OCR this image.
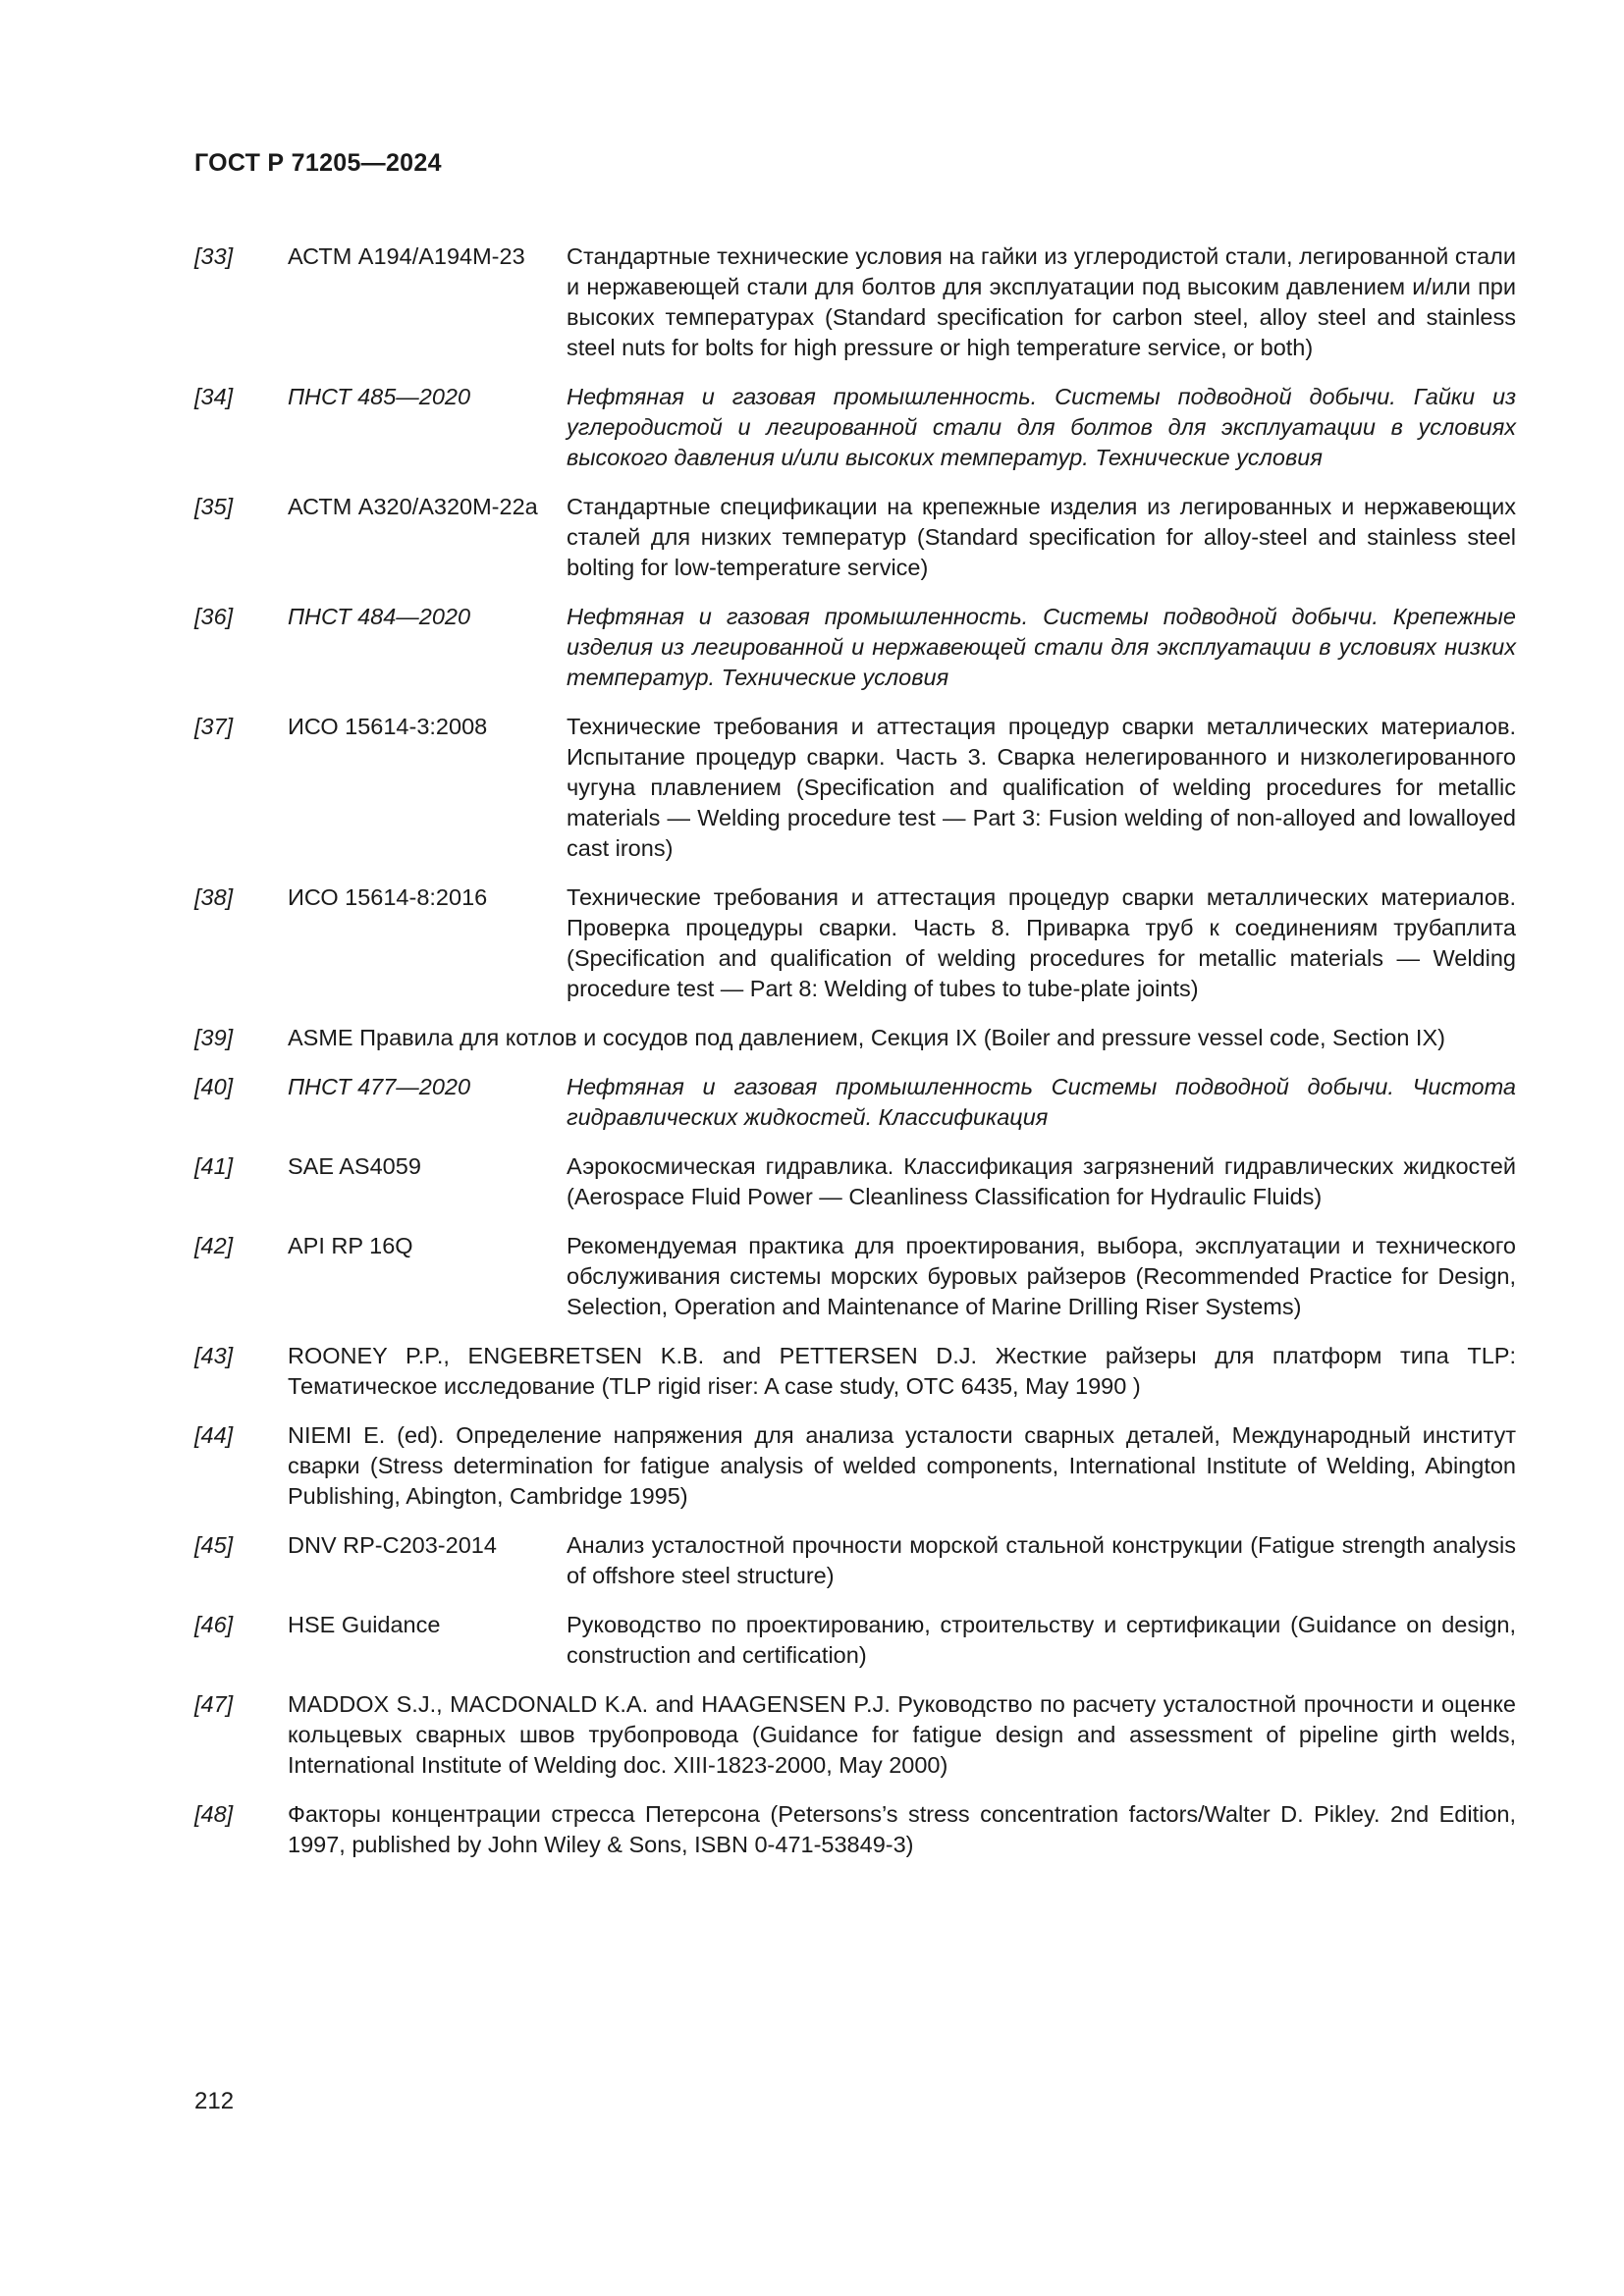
ГОСТ Р 71205—2024
[33] АСТМ A194/A194M-23 Стандартные технические условия на гайки из углеродистой стали, легированной стали и нержавеющей стали для болтов для эксплуатации под высоким давлением и/или при высоких температурах (Standard specification for carbon steel, alloy steel and stainless steel nuts for bolts for high pressure or high temperature service, or both)
[34] ПНСТ 485—2020	Нефтяная и газовая промышленность. Системы подводной добычи. Гайки из углеродистой и легированной стали для болтов для эксплуатации в условиях высокого давления и/или высоких температур. Технические условия
[35] АСТМ A320/A320M-22a Стандартные спецификации на крепежные изделия из легированных и нержавеющих сталей для низких температур (Standard specification for alloy-steel and stainless steel bolting for low-temperature service)
[36] ПНСТ 484—2020	Нефтяная и газовая промышленность. Системы подводной добычи. Крепежные изделия из легированной и нержавеющей стали для эксплуатации в условиях низких температур. Технические условия
[37] ИСО 15614-3:2008	Технические требования и аттестация процедур сварки металлических материалов. Испытание процедур сварки. Часть 3. Сварка нелегированного и низколегированного чугуна плавлением (Specification and qualification of welding procedures for metallic materials — Welding procedure test — Part 3: Fusion welding of non-alloyed and lowalloyed cast irons)
[38] ИСО 15614-8:2016	Технические требования и аттестация процедур сварки металлических материалов. Проверка процедуры сварки. Часть 8. Приварка труб к соединениям трубаплита (Specification and qualification of welding procedures for metallic materials — Welding procedure test — Part 8: Welding of tubes to tube-plate joints)
[39] ASME Правила для котлов и сосудов под давлением, Секция IX (Boiler and pressure vessel code, Section IX)
[40] ПНСТ 477—2020	Нефтяная и газовая промышленность Системы подводной добычи. Чистота гидравлических жидкостей. Классификация
[41] SAE AS4059	Аэрокосмическая гидравлика. Классификация загрязнений гидравлических жидкостей (Aerospace Fluid Power — Cleanliness Classification for Hydraulic Fluids)
[42] API RP 16Q	Рекомендуемая практика для проектирования, выбора, эксплуатации и технического обслуживания системы морских буровых райзеров (Recommended Practice for Design, Selection, Operation and Maintenance of Marine Drilling Riser Systems)
[43] ROONEY P.P., ENGEBRETSEN K.B. and PETTERSEN D.J. Жесткие райзеры для платформ типа TLP: Тематическое исследование (TLP rigid riser: A case study, OTC 6435, May 1990 )
[44] NIEMI E. (ed). Определение напряжения для анализа усталости сварных деталей, Международный институт сварки (Stress determination for fatigue analysis of welded components, International Institute of Welding, Abington Publishing, Abington, Cambridge 1995)
[45] DNV RP-C203-2014	Анализ усталостной прочности морской стальной конструкции (Fatigue strength analysis of offshore steel structure)
[46] HSE Guidance	Руководство по проектированию, строительству и сертификации (Guidance on design, construction and certification)
[47] MADDOX S.J., MACDONALD K.A. and HAAGENSEN P.J. Руководство по расчету усталостной прочности и оценке кольцевых сварных швов трубопровода (Guidance for fatigue design and assessment of pipeline girth welds, International Institute of Welding doc. XIII-1823-2000, May 2000)
[48] Факторы концентрации стресса Петерсона (Petersons’s stress concentration factors/Walter D. Pikley. 2nd Edition, 1997, published by John Wiley & Sons, ISBN 0-471-53849-3)
212
